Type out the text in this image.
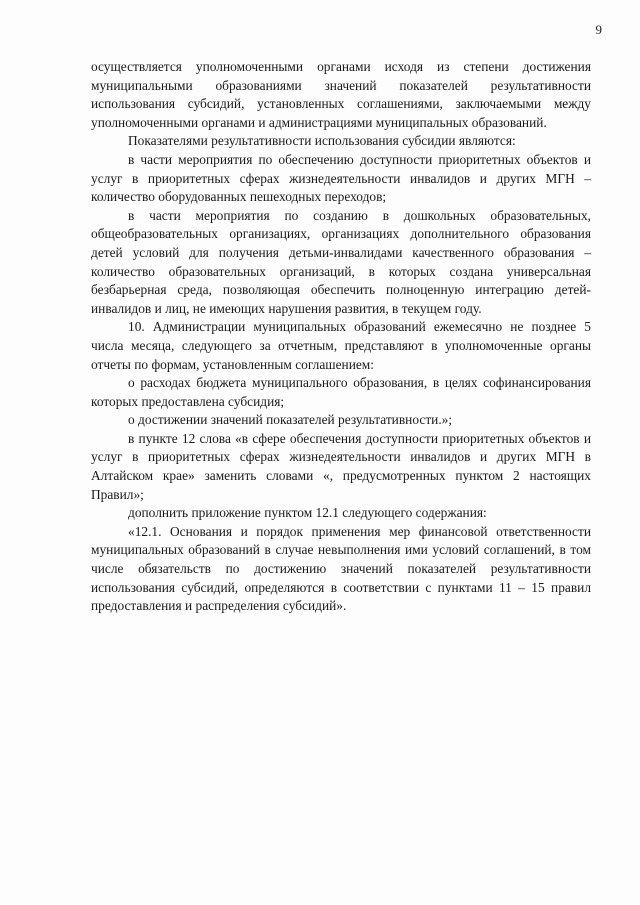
9

осуществляется уполномоченными органами исходя из степени достижения муниципальными образованиями значений показателей результативности использования субсидий, установленных соглашениями, заключаемыми между уполномоченными органами и администрациями муниципальных образований.

Показателями результативности использования субсидии являются:

в части мероприятия по обеспечению доступности приоритетных объектов и услуг в приоритетных сферах жизнедеятельности инвалидов и других МГН – количество оборудованных пешеходных переходов;

в части мероприятия по созданию в дошкольных образовательных, общеобразовательных организациях, организациях дополнительного образования детей условий для получения детьми-инвалидами качественного образования – количество образовательных организаций, в которых создана универсальная безбарьерная среда, позволяющая обеспечить полноценную интеграцию детей-инвалидов и лиц, не имеющих нарушения развития, в текущем году.

10. Администрации муниципальных образований ежемесячно не позднее 5 числа месяца, следующего за отчетным, представляют в уполномоченные органы отчеты по формам, установленным соглашением:

о расходах бюджета муниципального образования, в целях софинансирования которых предоставлена субсидия;

о достижении значений показателей результативности.»;

в пункте 12 слова «в сфере обеспечения доступности приоритетных объектов и услуг в приоритетных сферах жизнедеятельности инвалидов и других МГН в Алтайском крае» заменить словами «, предусмотренных пунктом 2 настоящих Правил»;

дополнить приложение пунктом 12.1 следующего содержания:

«12.1. Основания и порядок применения мер финансовой ответственности муниципальных образований в случае невыполнения ими условий соглашений, в том числе обязательств по достижению значений показателей результативности использования субсидий, определяются в соответствии с пунктами 11 – 15 правил предоставления и распределения субсидий».
